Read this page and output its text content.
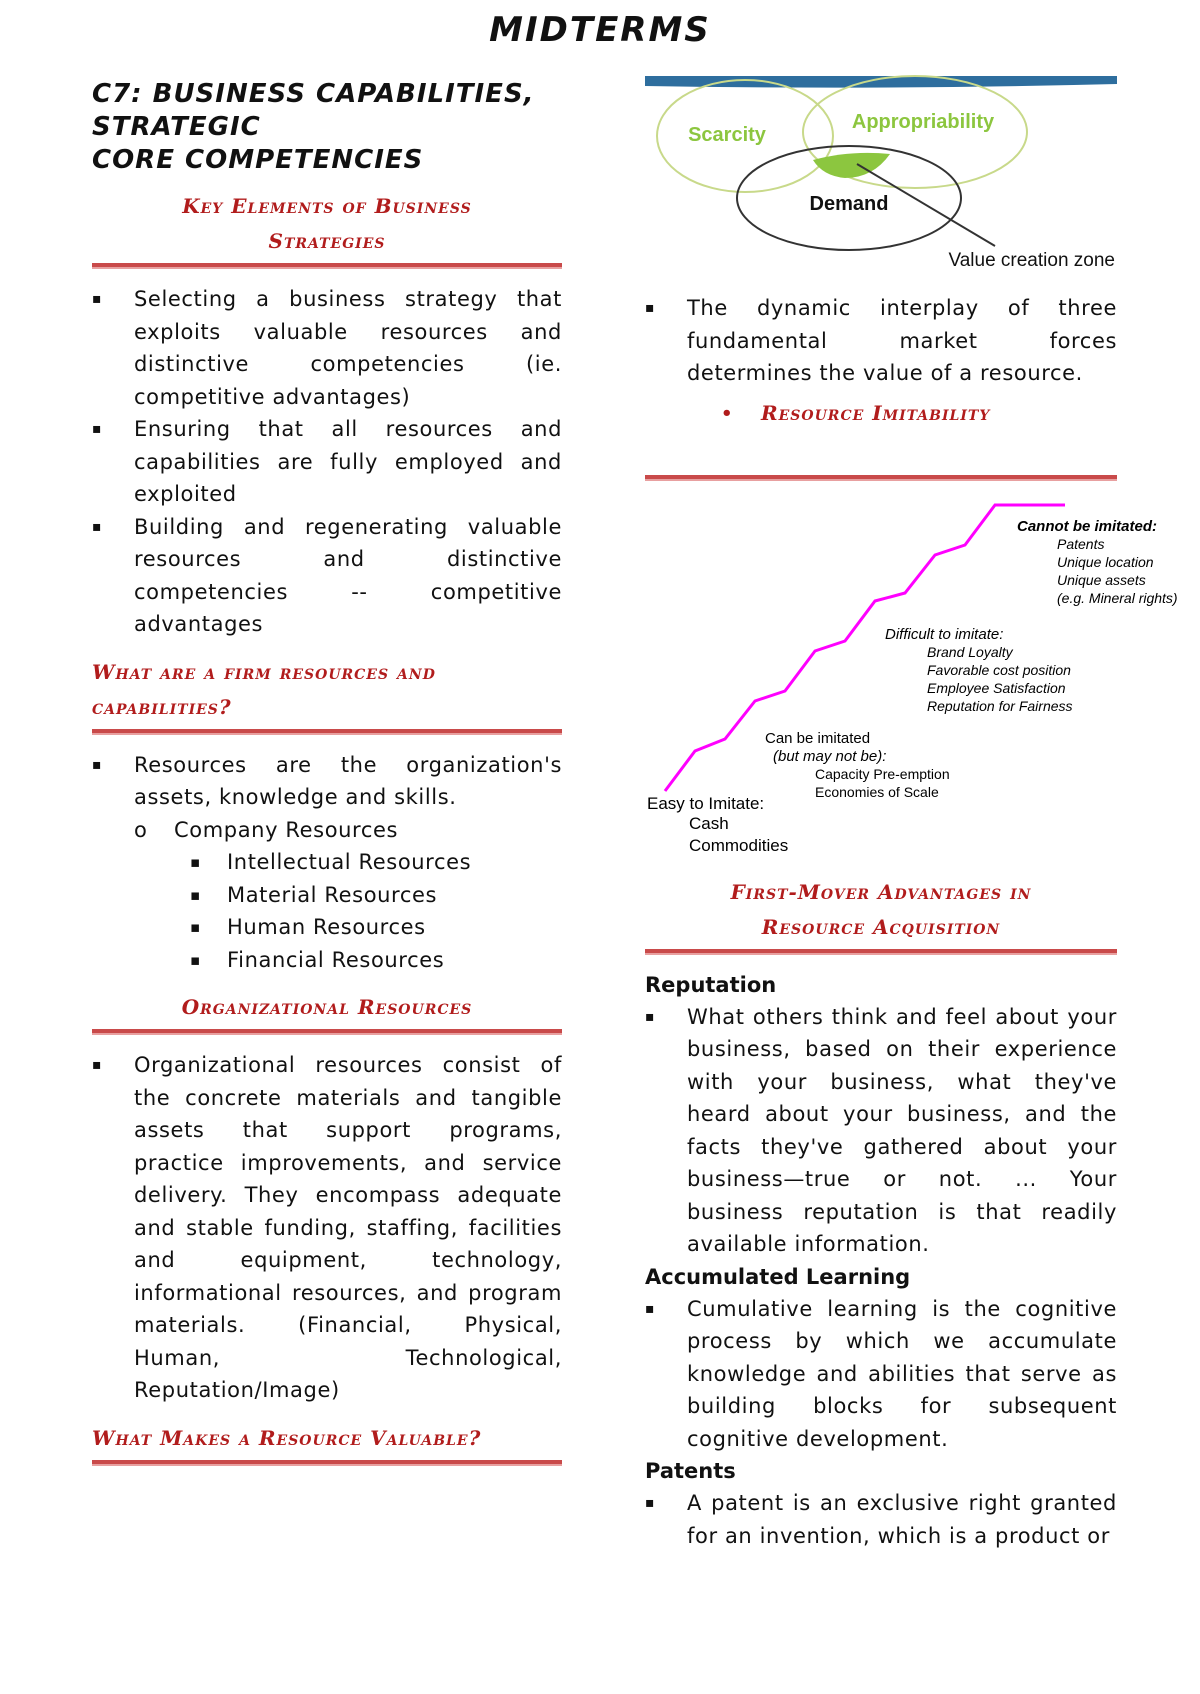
MIDTERMS
C7: BUSINESS CAPABILITIES,
STRATEGIC
CORE COMPETENCIES
Key Elements of Business
Strategies
▪ Selecting a business strategy that exploits valuable resources and distinctive competencies (ie. competitive advantages)
▪ Ensuring that all resources and capabilities are fully employed and exploited
▪ Building and regenerating valuable resources and distinctive competencies -- competitive advantages
What are a firm resources and
capabilities?
▪ Resources are the organization's assets, knowledge and skills.
o Company Resources
▪ Intellectual Resources
▪ Material Resources
▪ Human Resources
▪ Financial Resources
Organizational Resources
▪ Organizational resources consist of the concrete materials and tangible assets that support programs, practice improvements, and service delivery. They encompass adequate and stable funding, staffing, facilities and equipment, technology, informational resources, and program materials. (Financial, Physical, Human, Technological, Reputation/Image)
What Makes a Resource Valuable?
Scarcity
Appropriability
Demand
Value creation zone
▪ The dynamic interplay of three fundamental market forces determines the value of a resource.
• Resource Imitability
Cannot be imitated:
Patents
Unique location
Unique assets
(e.g. Mineral rights)
Difficult to imitate:
Brand Loyalty
Favorable cost position
Employee Satisfaction
Reputation for Fairness
Can be imitated
(but may not be):
Capacity Pre-emption
Economies of Scale
Easy to Imitate:
Cash
Commodities
First-Mover Advantages in
Resource Acquisition
Reputation
▪ What others think and feel about your business, based on their experience with your business, what they've heard about your business, and the facts they've gathered about your business—true or not. ... Your business reputation is that readily available information.
Accumulated Learning
▪ Cumulative learning is the cognitive process by which we accumulate knowledge and abilities that serve as building blocks for subsequent cognitive development.
Patents
▪ A patent is an exclusive right granted for an invention, which is a product or
